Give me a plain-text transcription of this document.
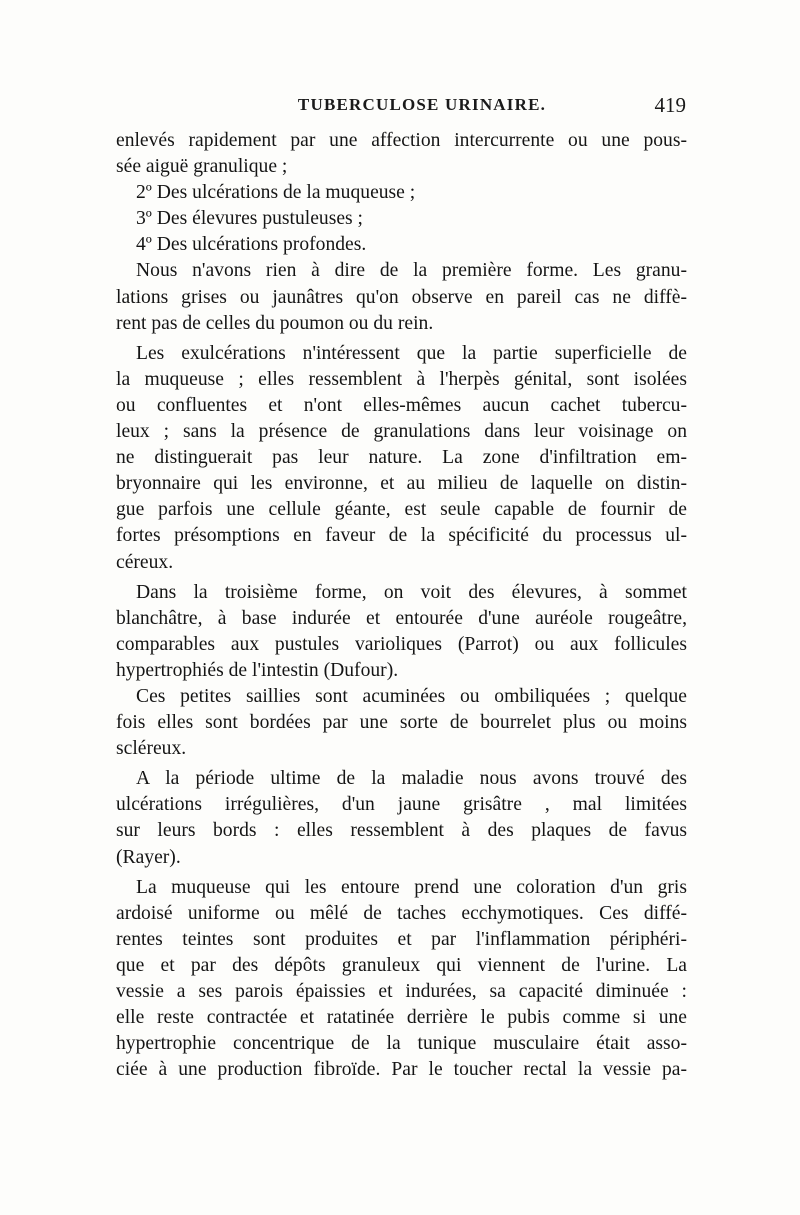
TUBERCULOSE URINAIRE.	419
enlevés rapidement par une affection intercurrente ou une pous-
sée aiguë granulique ;
2º Des ulcérations de la muqueuse ;
3º Des élevures pustuleuses ;
4º Des ulcérations profondes.
Nous n'avons rien à dire de la première forme. Les granu-
lations grises ou jaunâtres qu'on observe en pareil cas ne diffè-
rent pas de celles du poumon ou du rein.
Les exulcérations n'intéressent que la partie superficielle de
la muqueuse ; elles ressemblent à l'herpès génital, sont isolées
ou confluentes et n'ont elles-mêmes aucun cachet tubercu-
leux ; sans la présence de granulations dans leur voisinage on
ne distinguerait pas leur nature. La zone d'infiltration em-
bryonnaire qui les environne, et au milieu de laquelle on distin-
gue parfois une cellule géante, est seule capable de fournir de
fortes présomptions en faveur de la spécificité du processus ul-
céreux.
Dans la troisième forme, on voit des élevures, à sommet
blanchâtre, à base indurée et entourée d'une auréole rougeâtre,
comparables aux pustules varioliques (Parrot) ou aux follicules
hypertrophiés de l'intestin (Dufour).
Ces petites saillies sont acuminées ou ombiliquées ; quelque
fois elles sont bordées par une sorte de bourrelet plus ou moins
scléreux.
A la période ultime de la maladie nous avons trouvé des
ulcérations irrégulières, d'un jaune grisâtre , mal limitées
sur leurs bords : elles ressemblent à des plaques de favus
(Rayer).
La muqueuse qui les entoure prend une coloration d'un gris
ardoisé uniforme ou mêlé de taches ecchymotiques. Ces diffé-
rentes teintes sont produites et par l'inflammation périphéri-
que et par des dépôts granuleux qui viennent de l'urine. La
vessie a ses parois épaissies et indurées, sa capacité diminuée :
elle reste contractée et ratatinée derrière le pubis comme si une
hypertrophie concentrique de la tunique musculaire était asso-
ciée à une production fibroïde. Par le toucher rectal la vessie pa-
